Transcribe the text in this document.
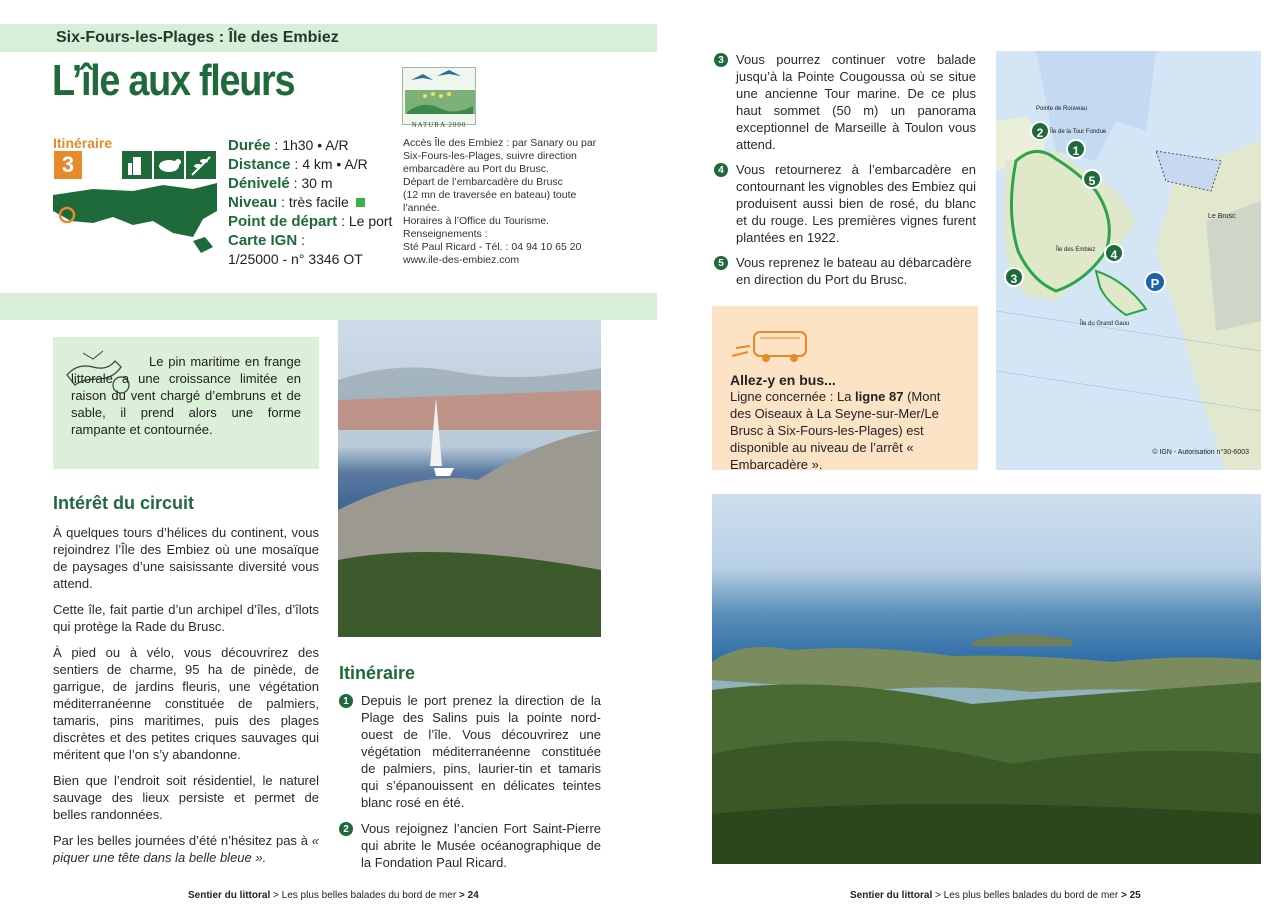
Six-Fours-les-Plages : Île des Embiez
L’île aux fleurs
NATURA 2000
Itinéraire
3
Durée : 1h30 • A/R
Distance : 4 km • A/R
Dénivelé : 30 m
Niveau : très facile
Point de départ : Le port
Carte IGN :
1/25000 - n° 3346 OT
Accès Île des Embiez : par Sanary ou par
Six-Fours-les-Plages, suivre direction
embarcadère au Port du Brusc.
Départ de l’embarcadère du Brusc
(12 mn de traversée en bateau) toute
l’année.
Horaires à l’Office du Tourisme.
Renseignements :
Sté Paul Ricard - Tél. : 04 94 10 65 20
www.ile-des-embiez.com

Le pin maritime en frange littorale a une croissance limitée en raison du vent chargé d’embruns et de sable, il prend alors une forme rampante et contournée.

Intérêt du circuit

À quelques tours d’hélices du continent, vous rejoindrez l’Île des Embiez où une mosaïque de paysages d’une saisissante diversité vous attend.

Cette île, fait partie d’un archipel d’îles, d’îlots qui protège la Rade du Brusc.

À pied ou à vélo, vous découvrirez des sentiers de charme, 95 ha de pinède, de garrigue, de jardins fleuris, une végétation méditerranéenne constituée de palmiers, tamaris, pins maritimes, puis des plages discrètes et des petites criques sauvages qui méritent que l’on s’y abandonne.

Bien que l’endroit soit résidentiel, le naturel sauvage des lieux persiste et permet de belles randonnées.

Par les belles journées d’été n’hésitez pas à « piquer une tête dans la belle bleue ».

Itinéraire
1 Depuis le port prenez la direction de la Plage des Salins puis la pointe nord-ouest de l’île. Vous découvrirez une végétation méditerranéenne constituée de palmiers, pins, laurier-tin et tamaris qui s’épanouissent en délicates teintes blanc rosé en été.

2 Vous rejoignez l’ancien Fort Saint-Pierre qui abrite le Musée océanographique de la Fondation Paul Ricard.

Sentier du littoral > Les plus belles balades du bord de mer > 24
3 Vous pourrez continuer votre balade jusqu’à la Pointe Cougoussa où se situe une ancienne Tour marine. De ce plus haut sommet (50 m) un panorama exceptionnel de Marseille à Toulon vous attend.

4 Vous retournerez à l’embarcadère en contournant les vignobles des Embiez qui produisent aussi bien de rosé, du blanc et du rouge. Les premières vignes furent plantées en 1922.

5 Vous reprenez le bateau au débarcadère en direction du Port du Brusc.

Allez-y en bus...

Ligne concernée : La ligne 87 (Mont des Oiseaux à La Seyne-sur-Mer/Le Brusc à Six-Fours-les-Plages) est disponible au niveau de l’arrêt « Embarcadère ».

Île de la Tour Fondue
Île des Embiez
Le Brusc
Île du Grand Gaou
Pointe de Rouveau
1
2
3
4
5
P
© IGN - Autorisation n°30-6003
Sentier du littoral > Les plus belles balades du bord de mer > 25
